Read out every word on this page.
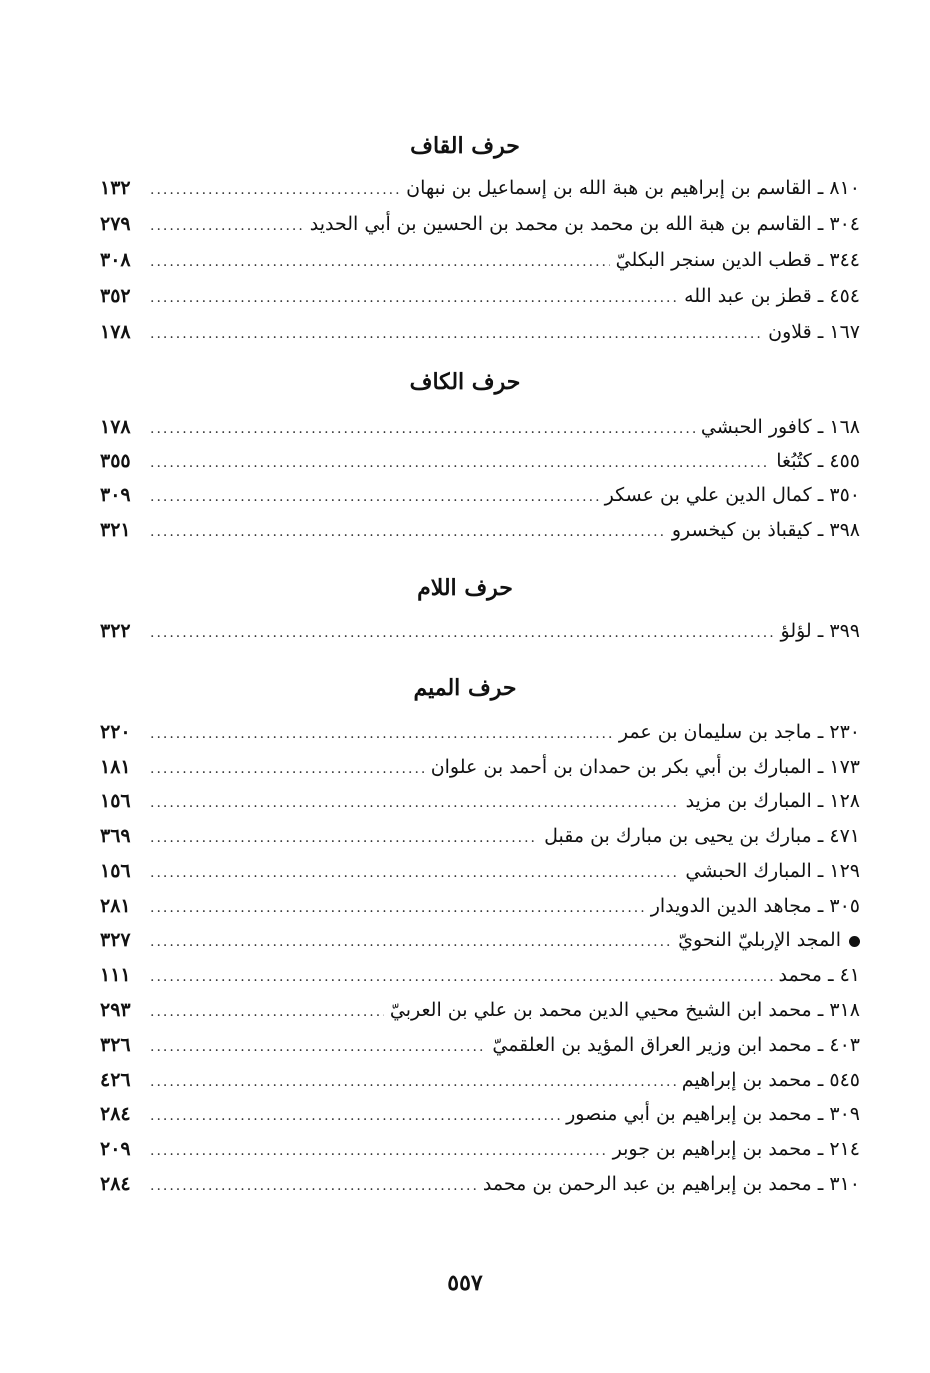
حرف القاف
٨١٠ ـ القاسم بن إبراهيم بن هبة الله بن إسماعيل بن نبهان
.....
١٣٢
٣٠٤ ـ القاسم بن هبة الله بن محمد بن محمد بن الحسين بن أبي الحديد
.....
٢٧٩
٣٤٤ ـ قطب الدين سنجر البكليّ
.....
٣٠٨
٤٥٤ ـ قطز بن عبد الله
.....
٣٥٢
١٦٧ ـ قلاون
.....
١٧٨
حرف الكاف
١٦٨ ـ كافور الحبشي
.....
١٧٨
٤٥٥ ـ كتُبُغا
.....
٣٥٥
٣٥٠ ـ كمال الدين علي بن عسكر
.....
٣٠٩
٣٩٨ ـ كيقباذ بن كيخسرو
.....
٣٢١
حرف اللام
٣٩٩ ـ لؤلؤ
.....
٣٢٢
حرف الميم
٢٣٠ ـ ماجد بن سليمان بن عمر
.....
٢٢٠
١٧٣ ـ المبارك بن أبي بكر بن حمدان بن أحمد بن علوان
.....
١٨١
١٢٨ ـ المبارك بن مزيد
.....
١٥٦
٤٧١ ـ مبارك بن يحيى بن مبارك بن مقبل
.....
٣٦٩
١٢٩ ـ المبارك الحبشي
.....
١٥٦
٣٠٥ ـ مجاهد الدين الدويدار
.....
٢٨١
المجد الإربليّ النحويّ
.....
٣٢٧
٤١ ـ محمد
.....
١١١
٣١٨ ـ محمد ابن الشيخ محيي الدين محمد بن علي بن العربيّ
.....
٢٩٣
٤٠٣ ـ محمد ابن وزير العراق المؤيد بن العلقميّ
.....
٣٢٦
٥٤٥ ـ محمد بن إبراهيم
.....
٤٢٦
٣٠٩ ـ محمد بن إبراهيم بن أبي منصور
.....
٢٨٤
٢١٤ ـ محمد بن إبراهيم بن جوبر
.....
٢٠٩
٣١٠ ـ محمد بن إبراهيم بن عبد الرحمن بن محمد
.....
٢٨٤
٥٥٧
